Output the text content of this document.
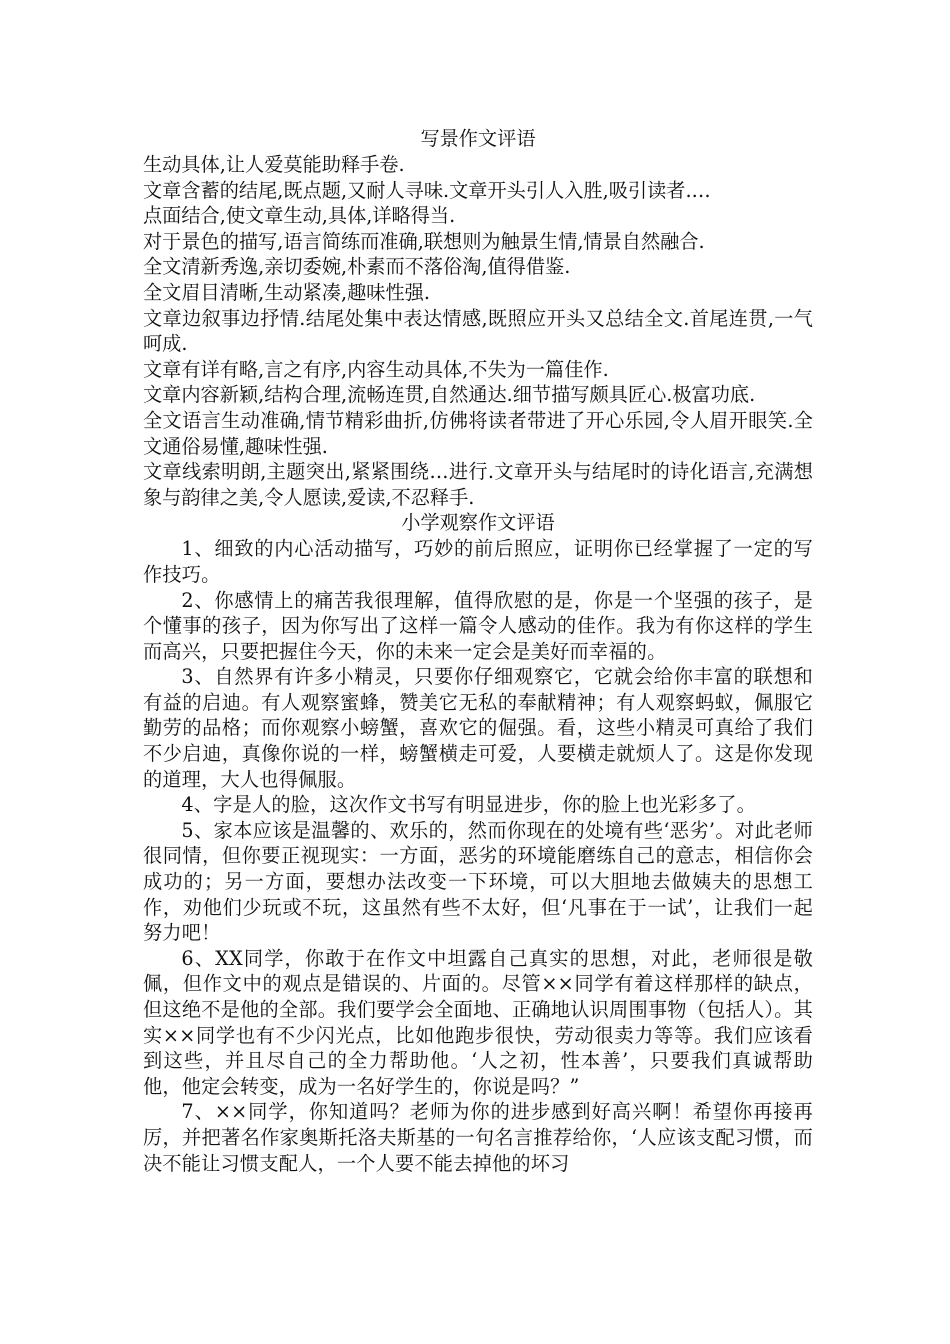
写景作文评语

生动具体,让人爱莫能助释手卷.

文章含蓄的结尾,既点题,又耐人寻味.文章开头引人入胜,吸引读者.…

点面结合,使文章生动,具体,详略得当.

对于景色的描写,语言简练而准确,联想则为触景生情,情景自然融合.

全文清新秀逸,亲切委婉,朴素而不落俗淘,值得借鉴.

全文眉目清晰,生动紧凑,趣味性强.

文章边叙事边抒情.结尾处集中表达情感,既照应开头又总结全文.首尾连贯,一气呵成.

文章有详有略,言之有序,内容生动具体,不失为一篇佳作.

文章内容新颖,结构合理,流畅连贯,自然通达.细节描写颇具匠心.极富功底.

全文语言生动准确,情节精彩曲折,仿佛将读者带进了开心乐园,令人眉开眼笑.全文通俗易懂,趣味性强.

文章线索明朗,主题突出,紧紧围绕…进行.文章开头与结尾时的诗化语言,充满想象与韵律之美,令人愿读,爱读,不忍释手.

小学观察作文评语

1、细致的内心活动描写，巧妙的前后照应，证明你已经掌握了一定的写作技巧。

2、你感情上的痛苦我很理解，值得欣慰的是，你是一个坚强的孩子，是个懂事的孩子，因为你写出了这样一篇令人感动的佳作。我为有你这样的学生而高兴，只要把握住今天，你的未来一定会是美好而幸福的。

3、自然界有许多小精灵，只要你仔细观察它，它就会给你丰富的联想和有益的启迪。有人观察蜜蜂，赞美它无私的奉献精神；有人观察蚂蚁，佩服它勤劳的品格；而你观察小螃蟹，喜欢它的倔强。看，这些小精灵可真给了我们不少启迪，真像你说的一样，螃蟹横走可爱，人要横走就烦人了。这是你发现的道理，大人也得佩服。

4、字是人的脸，这次作文书写有明显进步，你的脸上也光彩多了。

5、家本应该是温馨的、欢乐的，然而你现在的处境有些‘恶劣’。对此老师很同情，但你要正视现实：一方面，恶劣的环境能磨练自己的意志，相信你会成功的；另一方面，要想办法改变一下环境，可以大胆地去做姨夫的思想工作，劝他们少玩或不玩，这虽然有些不太好，但‘凡事在于一试’，让我们一起努力吧！

6、XX同学，你敢于在作文中坦露自己真实的思想，对此，老师很是敬佩，但作文中的观点是错误的、片面的。尽管××同学有着这样那样的缺点，但这绝不是他的全部。我们要学会全面地、正确地认识周围事物（包括人）。其实××同学也有不少闪光点，比如他跑步很快，劳动很卖力等等。我们应该看到这些，并且尽自己的全力帮助他。‘人之初，性本善’，只要我们真诚帮助他，他定会转变，成为一名好学生的，你说是吗？”

7、××同学，你知道吗？老师为你的进步感到好高兴啊！希望你再接再厉，并把著名作家奥斯托洛夫斯基的一句名言推荐给你，‘人应该支配习惯，而决不能让习惯支配人，一个人要不能去掉他的坏习
